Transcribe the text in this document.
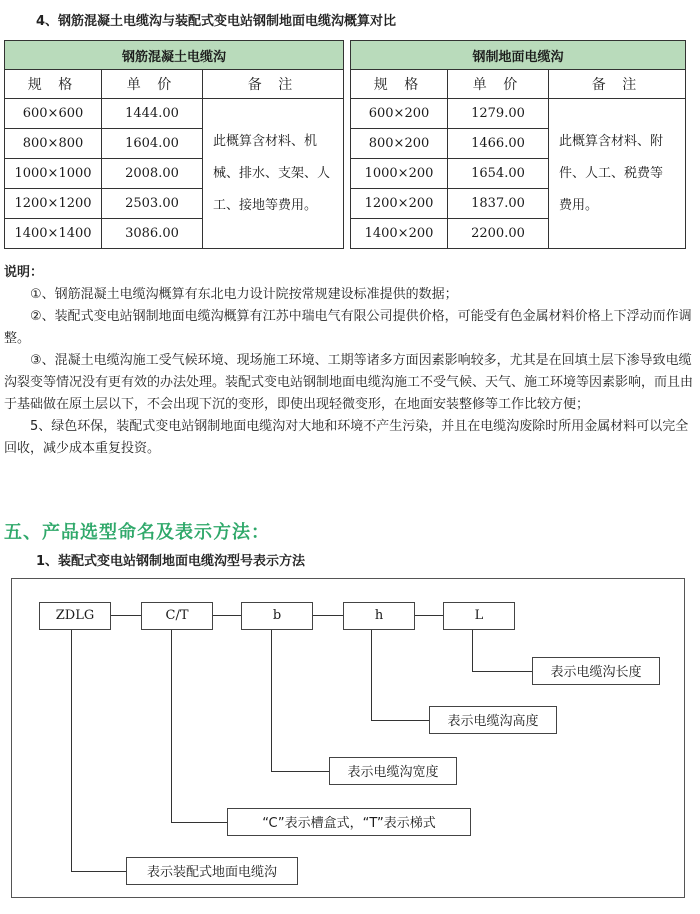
4、钢筋混凝土电缆沟与装配式变电站钢制地面电缆沟概算对比
钢筋混凝土电缆沟		
规 格	单 价	备 注
600×600	1444.00	此概算含材料、机械、排水、支架、人工、接地等费用。
800×800	1604.00	
1000×1000	2008.00	
1200×1200	2503.00	
1400×1400	3086.00	
钢制地面电缆沟		
规 格	单 价	备 注
600×200	1279.00	此概算含材料、附件、人工、税费等费用。
800×200	1466.00	
1000×200	1654.00	
1200×200	1837.00	
1400×200	2200.00	
说明：

①、钢筋混凝土电缆沟概算有东北电力设计院按常规建设标准提供的数据；

②、装配式变电站钢制地面电缆沟概算有江苏中瑞电气有限公司提供价格，可能受有色金属材料价格上下浮动而作调整。

③、混凝土电缆沟施工受气候环境、现场施工环境、工期等诸多方面因素影响较多，尤其是在回填土层下渗导致电缆沟裂变等情况没有更有效的办法处理。装配式变电站钢制地面电缆沟施工不受气候、天气、施工环境等因素影响，而且由于基础做在原土层以下，不会出现下沉的变形，即使出现轻微变形，在地面安装整修等工作比较方便；

5、绿色环保，装配式变电站钢制地面电缆沟对大地和环境不产生污染，并且在电缆沟废除时所用金属材料可以完全回收，减少成本重复投资。

五、产品选型命名及表示方法：
1、装配式变电站钢制地面电缆沟型号表示方法
ZDLG	C/T	b	h	L
表示电缆沟长度
表示电缆沟高度
表示电缆沟宽度
“C”表示槽盒式，“T”表示梯式
表示装配式地面电缆沟
